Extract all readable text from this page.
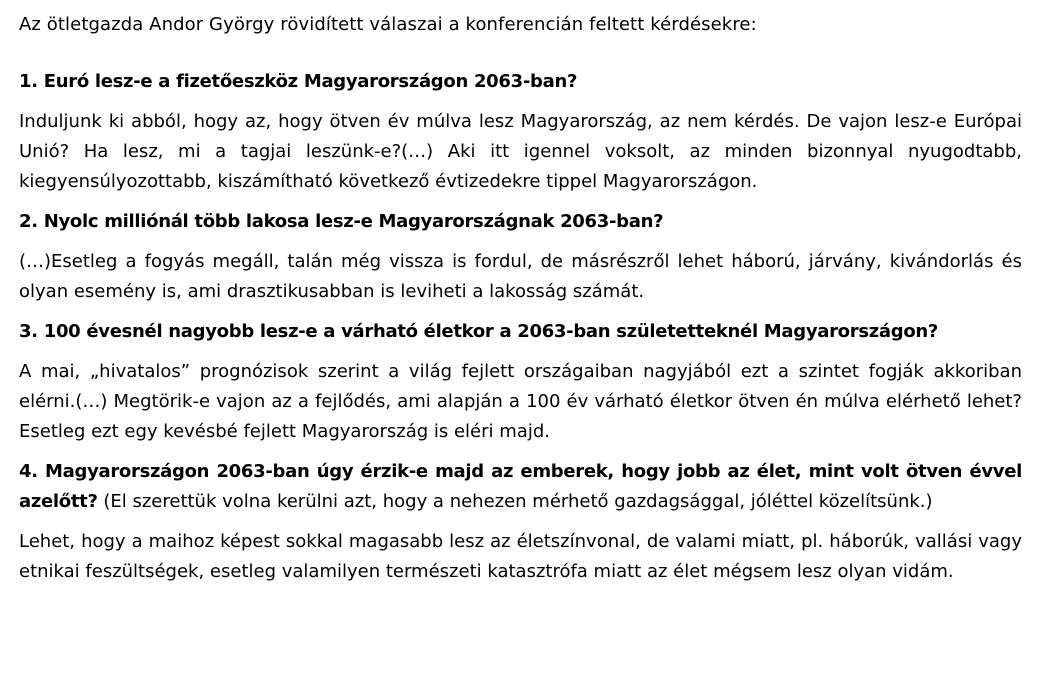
Az ötletgazda Andor György rövidített válaszai a konferencián feltett kérdésekre:

1. Euró lesz-e a fizetőeszköz Magyarországon 2063-ban?

Induljunk ki abból, hogy az, hogy ötven év múlva lesz Magyarország, az nem kérdés. De vajon lesz-e Európai Unió? Ha lesz, mi a tagjai leszünk-e?(…) Aki itt igennel voksolt, az minden bizonnyal nyugodtabb, kiegyensúlyozottabb, kiszámítható következő évtizedekre tippel Magyarországon.

2. Nyolc milliónál több lakosa lesz-e Magyarországnak 2063-ban?

(…)Esetleg a fogyás megáll, talán még vissza is fordul, de másrészről lehet háború, járvány, kivándorlás és olyan esemény is, ami drasztikusabban is leviheti a lakosság számát.

3. 100 évesnél nagyobb lesz-e a várható életkor a 2063-ban születetteknél Magyarországon?

A mai, „hivatalos” prognózisok szerint a világ fejlett országaiban nagyjából ezt a szintet fogják akkoriban elérni.(…) Megtörik-e vajon az a fejlődés, ami alapján a 100 év várható életkor ötven én múlva elérhető lehet? Esetleg ezt egy kevésbé fejlett Magyarország is eléri majd.

4. Magyarországon 2063-ban úgy érzik-e majd az emberek, hogy jobb az élet, mint volt ötven évvel azelőtt? (El szerettük volna kerülni azt, hogy a nehezen mérhető gazdagsággal, jóléttel közelítsünk.)

Lehet, hogy a maihoz képest sokkal magasabb lesz az életszínvonal, de valami miatt, pl. háborúk, vallási vagy etnikai feszültségek, esetleg valamilyen természeti katasztrófa miatt az élet mégsem lesz olyan vidám.
